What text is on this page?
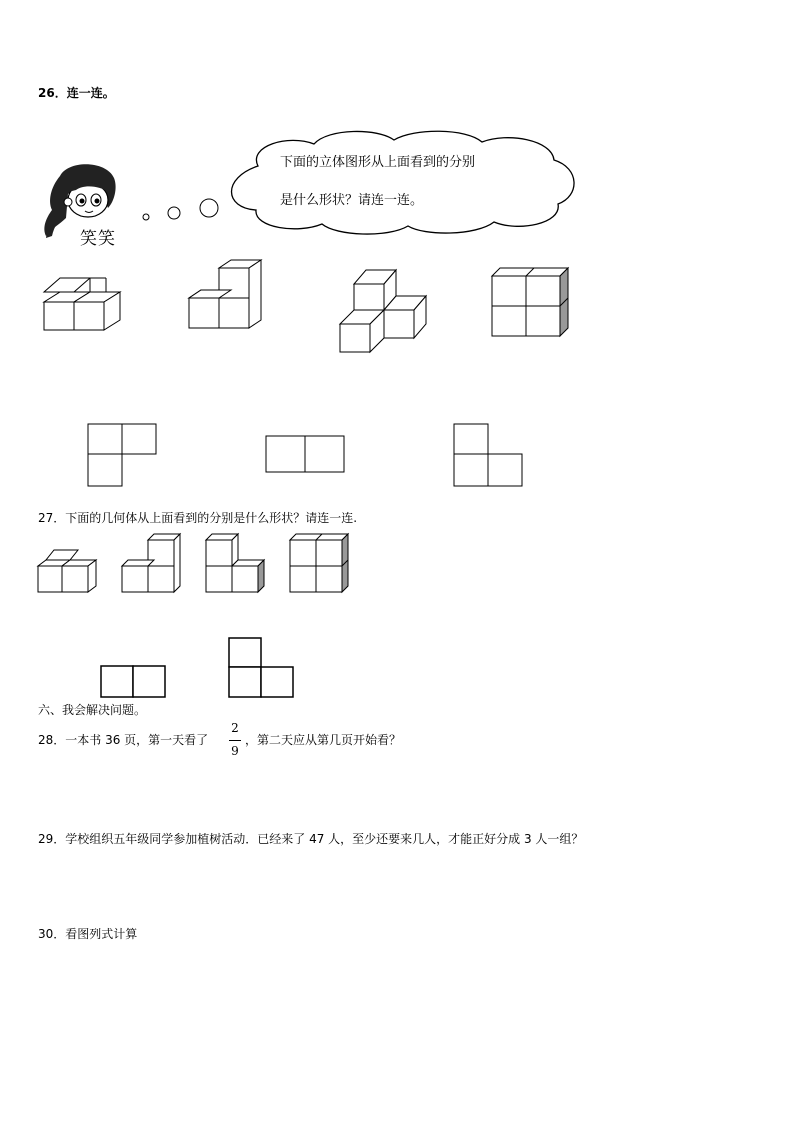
26．连一连。
笑笑
下面的立体图形从上面看到的分别
是什么形状？请连一连。
27．下面的几何体从上面看到的分别是什么形状？请连一连.
六、我会解决问题。
28．一本书 36 页，第一天看了
2
9
，第二天应从第几页开始看？
29．学校组织五年级同学参加植树活动．已经来了 47 人，至少还要来几人，才能正好分成 3 人一组？
30．看图列式计算
